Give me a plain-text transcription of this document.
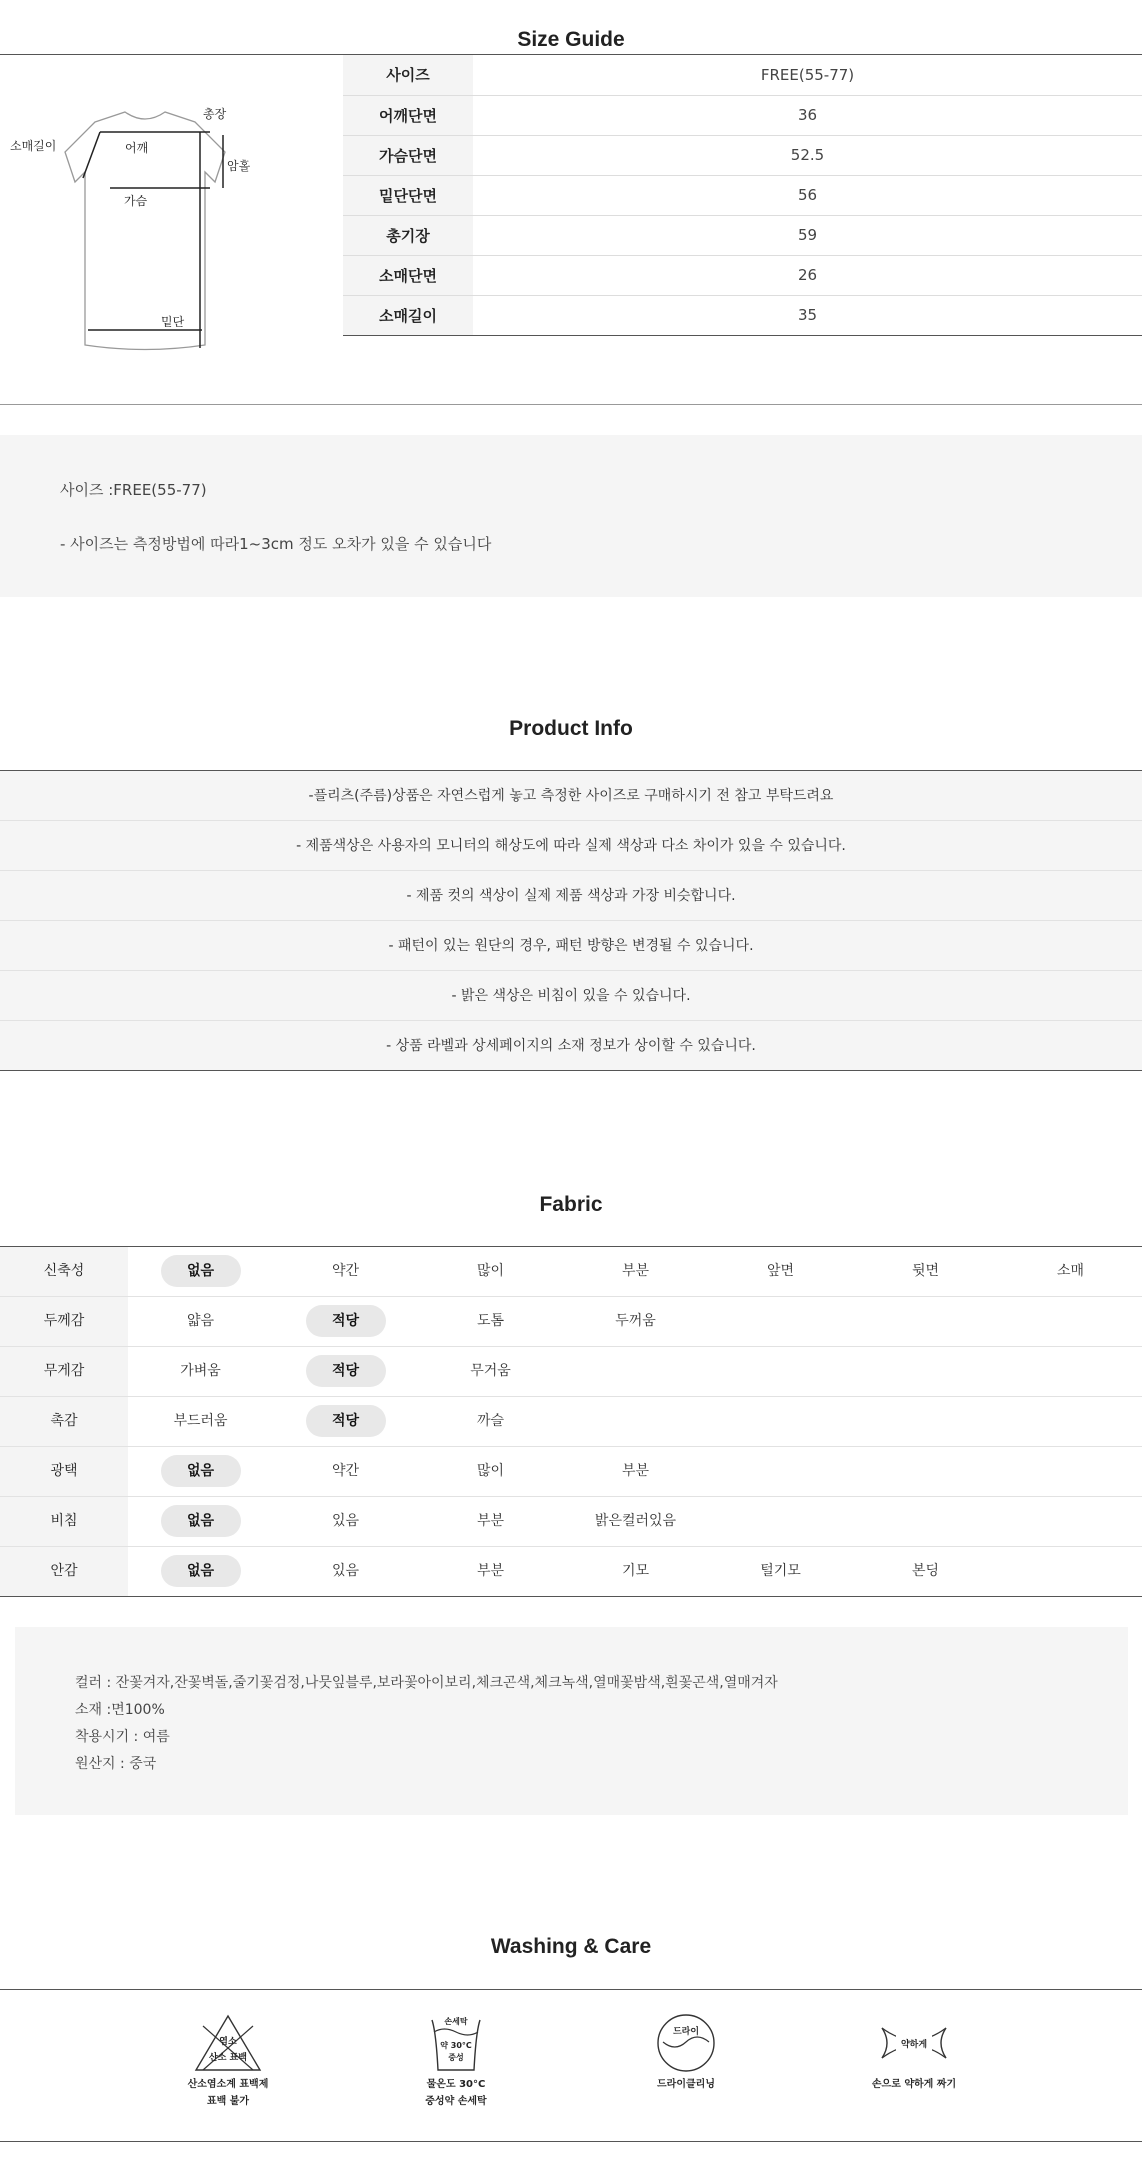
Size Guide
총장
소매길이	어깨
암홀
가슴
밑단
사이즈	FREE(55-77)
어깨단면	36
가슴단면	52.5
밑단단면	56
총기장	59
소매단면	26
소매길이	35

사이즈 :FREE(55-77)

- 사이즈는 측정방법에 따라1~3cm 정도 오차가 있을 수 있습니다

Product Info
-플리츠(주름)상품은 자연스럽게 놓고 측정한 사이즈로 구매하시기 전 참고 부탁드려요
- 제품색상은 사용자의 모니터의 해상도에 따라 실제 색상과 다소 차이가 있을 수 있습니다.
- 제품 컷의 색상이 실제 제품 색상과 가장 비슷합니다.
- 패턴이 있는 원단의 경우, 패턴 방향은 변경될 수 있습니다.
- 밝은 색상은 비침이 있을 수 있습니다.
- 상품 라벨과 상세페이지의 소재 정보가 상이할 수 있습니다.
Fabric
신축성	없음	약간	많이	부분	앞면	뒷면	소매
두께감	얇음	적당	도톰	두꺼움
무게감	가벼움	적당	무거움
촉감	부드러움	적당	까슬
광택	없음	약간	많이	부분
비침	없음	있음	부분	밝은컬러있음
안감	없음	있음	부분	기모	털기모	본딩

컬러 : 잔꽃겨자,잔꽃벽돌,줄기꽃검정,나뭇잎블루,보라꽃아이보리,체크곤색,체크녹색,열매꽃밤색,흰꽃곤색,열매겨자

소재 :면100%

착용시기 : 여름

원산지 : 중국

Washing & Care
염소
산소 표백
산소염소계 표백제
표백 불가
손세탁
약 30°C
중성
물온도 30°C
중성약 손세탁
드라이
드라이클리닝
약하게
손으로 약하게 짜기
